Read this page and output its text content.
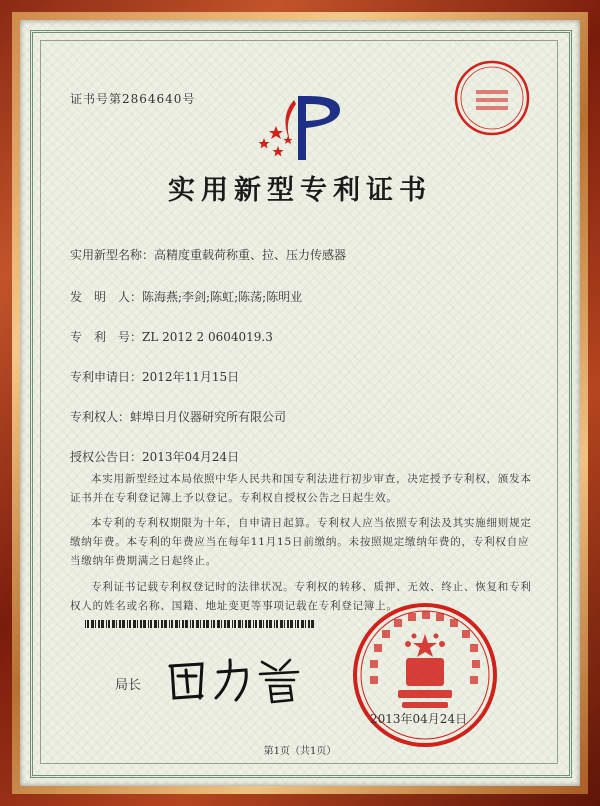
证书号第2864640号
实用新型专利证书
实用新型名称：高精度重载荷称重、拉、压力传感器
发　明　人：陈海燕;李剑;陈虹;陈荡;陈明业
专　利　号：ZL 2012 2 0604019.3
专利申请日：2012年11月15日
专利权人：蚌埠日月仪器研究所有限公司
授权公告日：2013年04月24日
本实用新型经过本局依照中华人民共和国专利法进行初步审查，决定授予专利权，颁发本证书并在专利登记簿上予以登记。专利权自授权公告之日起生效。
本专利的专利权期限为十年，自申请日起算。专利权人应当依照专利法及其实施细则规定缴纳年费。本专利的年费应当在每年11月15日前缴纳。未按照规定缴纳年费的，专利权自应当缴纳年费期满之日起终止。
专利证书记载专利权登记时的法律状况。专利权的转移、质押、无效、终止、恢复和专利权人的姓名或名称、国籍、地址变更等事项记载在专利登记簿上。
局长
2013年04月24日
第1页（共1页）
